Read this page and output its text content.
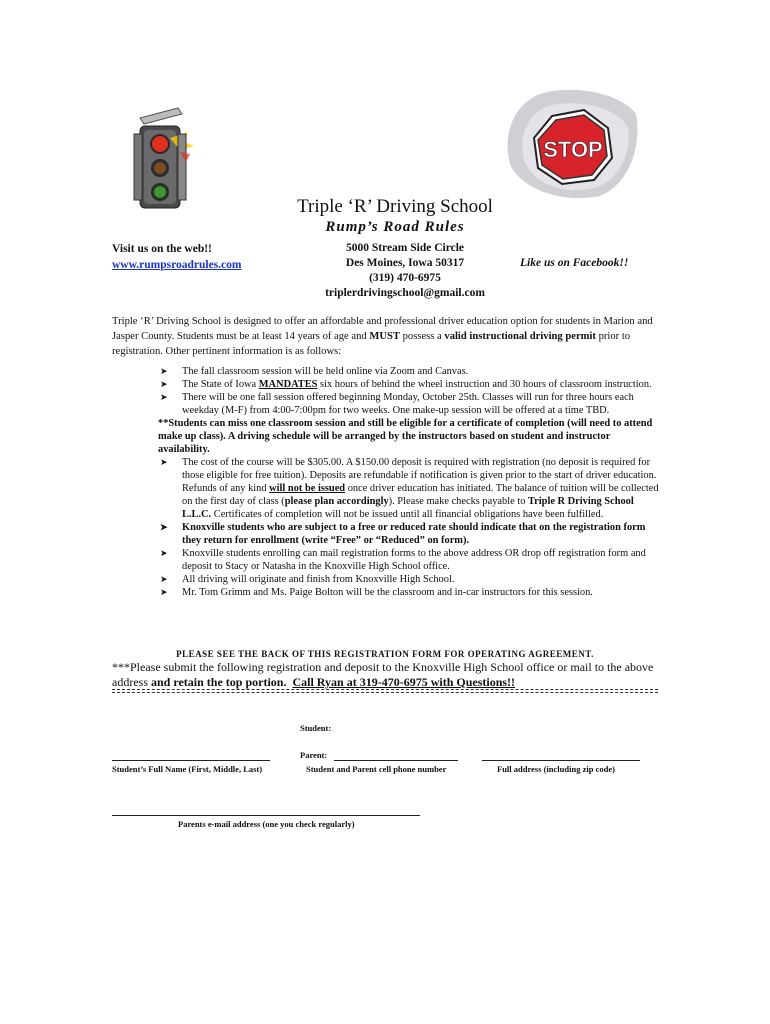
STOP
Triple ‘R’ Driving School
Rump’s Road Rules
Visit us on the web!!
www.rumpsroadrules.com
5000 Stream Side Circle
Des Moines, Iowa 50317
(319) 470-6975
triplerdrivingschool@gmail.com
Like us on Facebook!!
Triple ‘R’ Driving School is designed to offer an affordable and professional driver education option for students in Marion and Jasper County. Students must be at least 14 years of age and MUST possess a valid instructional driving permit prior to registration. Other pertinent information is as follows:
➤ The fall classroom session will be held online via Zoom and Canvas.
➤ The State of Iowa MANDATES six hours of behind the wheel instruction and 30 hours of classroom instruction.
➤ There will be one fall session offered beginning Monday, October 25th. Classes will run for three hours each weekday (M-F) from 4:00-7:00pm for two weeks. One make-up session will be offered at a time TBD.
**Students can miss one classroom session and still be eligible for a certificate of completion (will need to attend make up class). A driving schedule will be arranged by the instructors based on student and instructor availability.
➤ The cost of the course will be $305.00. A $150.00 deposit is required with registration (no deposit is required for those eligible for free tuition). Deposits are refundable if notification is given prior to the start of driver education. Refunds of any kind will not be issued once driver education has initiated. The balance of tuition will be collected on the first day of class (please plan accordingly). Please make checks payable to Triple R Driving School L.L.C. Certificates of completion will not be issued until all financial obligations have been fulfilled.
➤ Knoxville students who are subject to a free or reduced rate should indicate that on the registration form they return for enrollment (write “Free” or “Reduced” on form).
➤ Knoxville students enrolling can mail registration forms to the above address OR drop off registration form and deposit to Stacy or Natasha in the Knoxville High School office.
➤ All driving will originate and finish from Knoxville High School.
➤ Mr. Tom Grimm and Ms. Paige Bolton will be the classroom and in-car instructors for this session.
PLEASE SEE THE BACK OF THIS REGISTRATION FORM FOR OPERATING AGREEMENT.
***Please submit the following registration and deposit to the Knoxville High School office or mail to the above address and retain the top portion. Call Ryan at 319-470-6975 with Questions!!
Student:
Student’s Full Name (First, Middle, Last)
Parent:
Student and Parent cell phone number	Full address (including zip code)
Parents e-mail address (one you check regularly)
